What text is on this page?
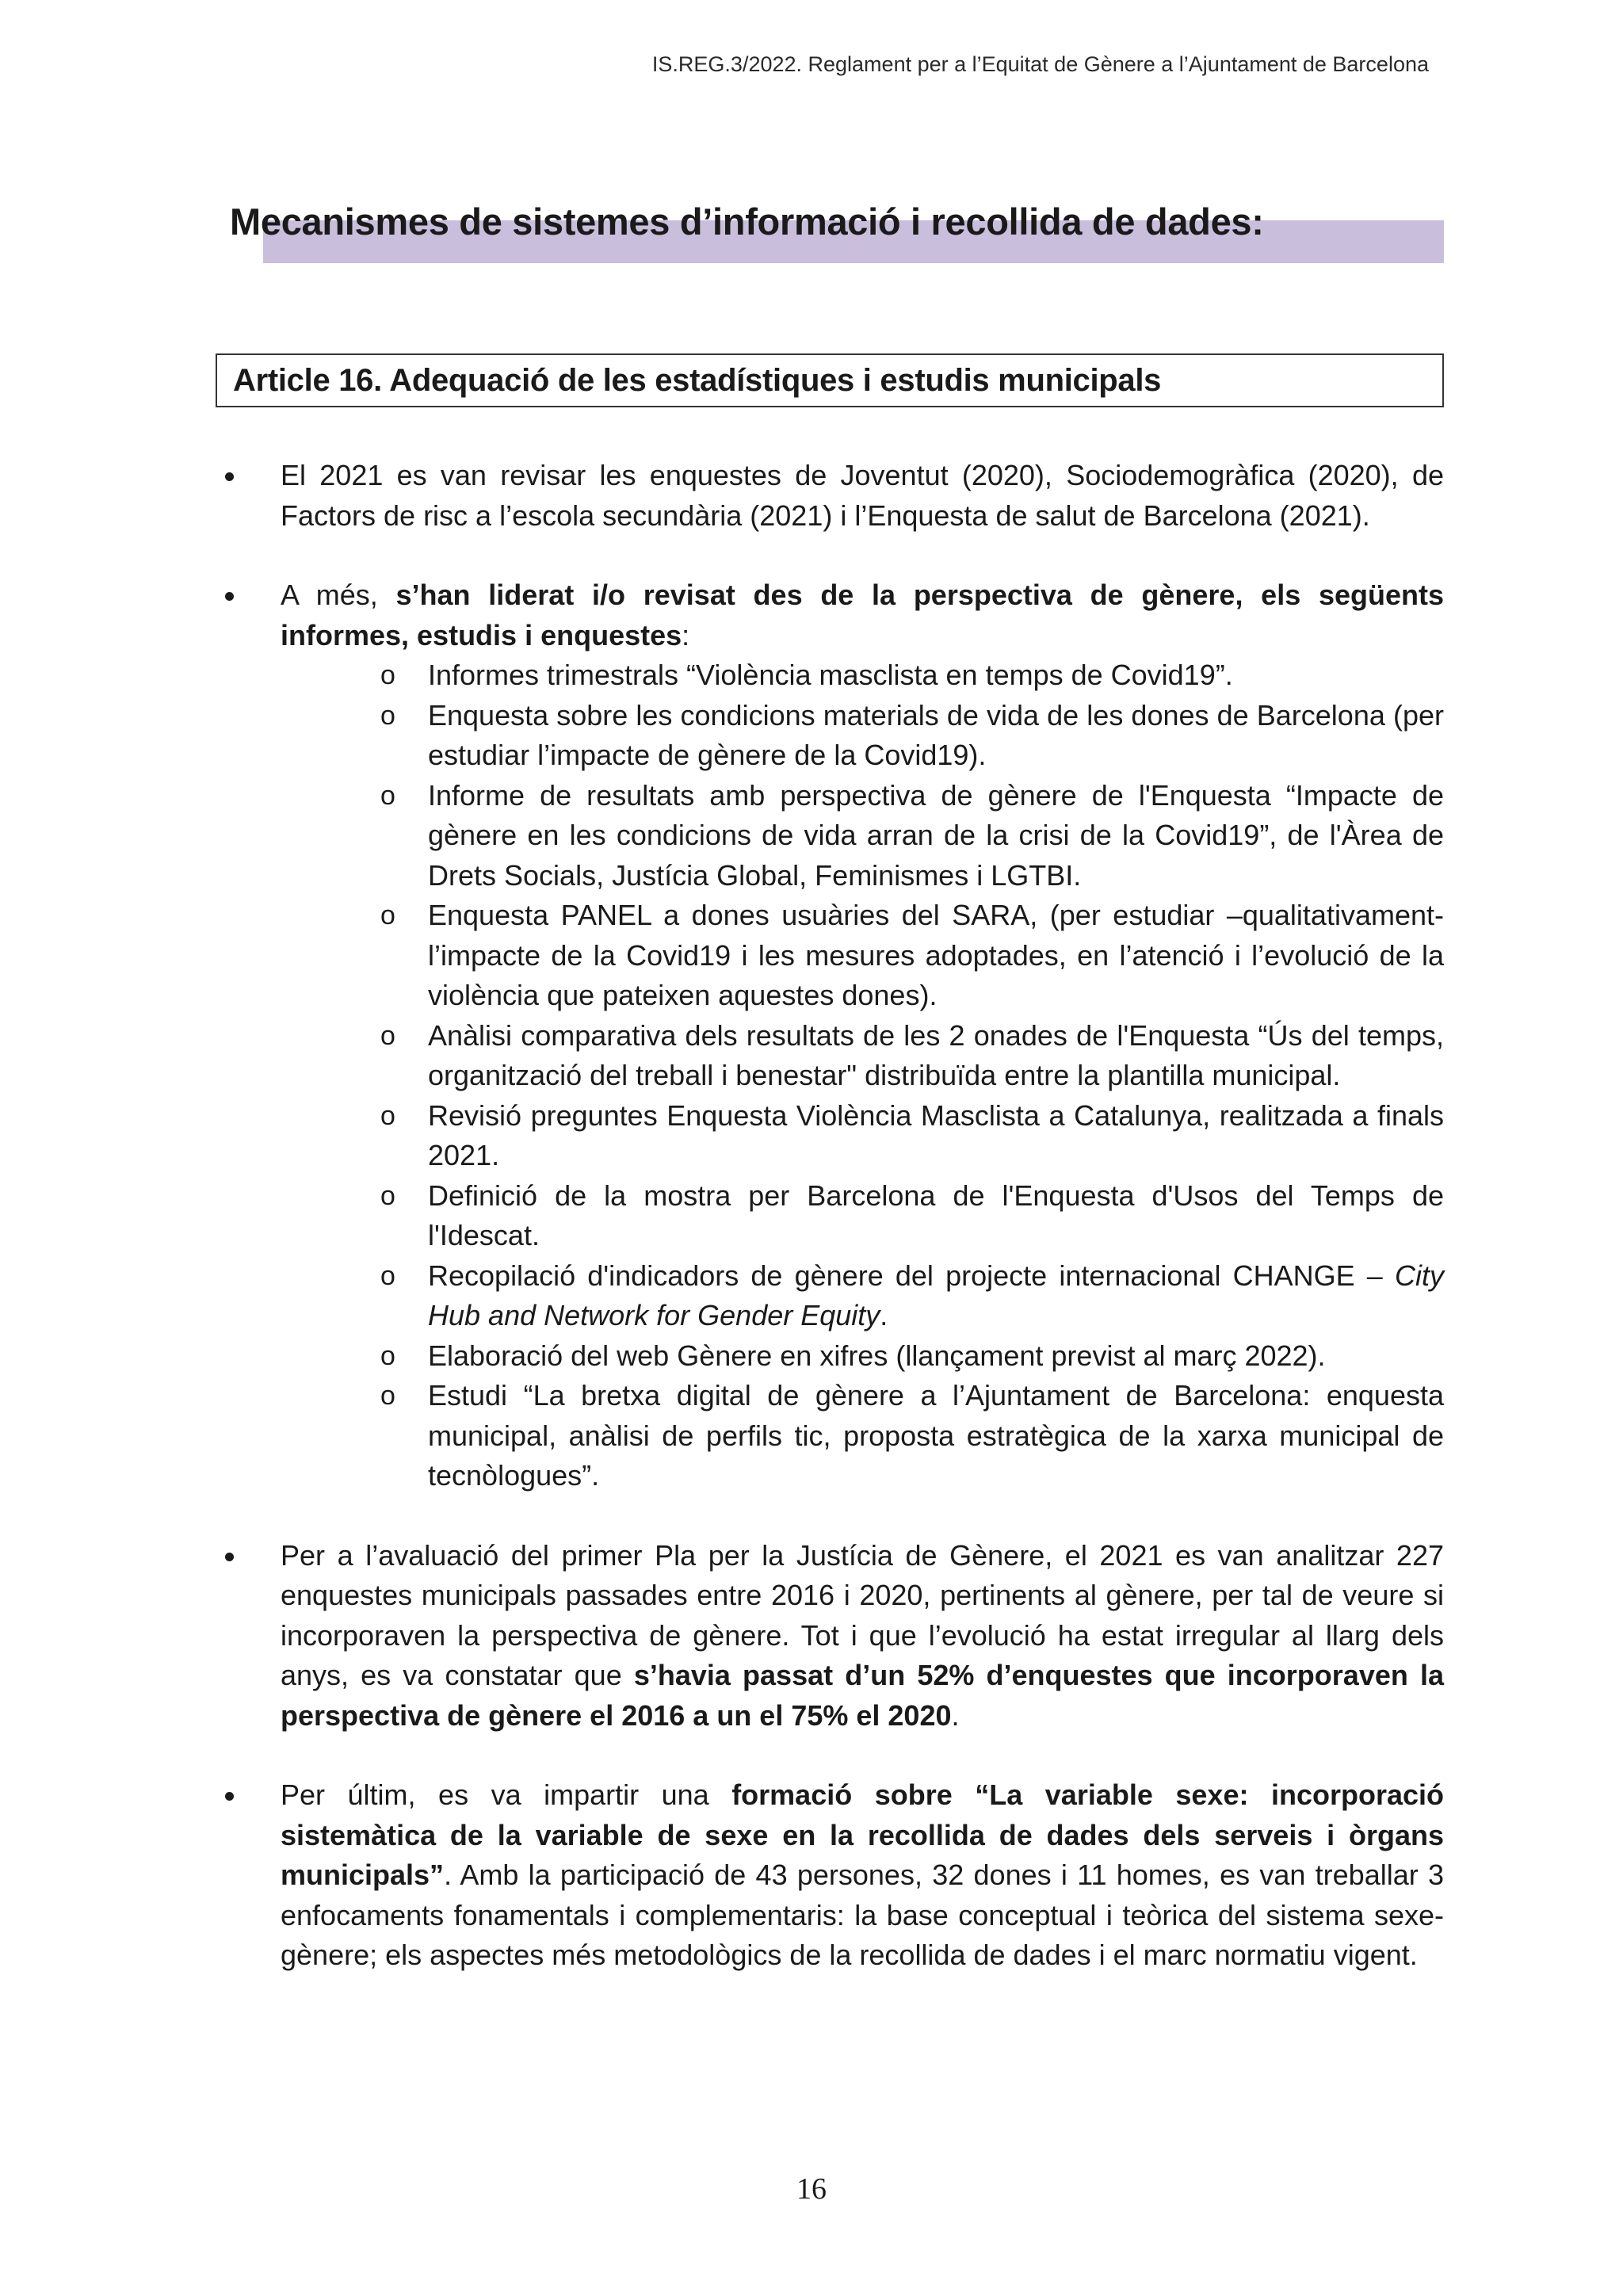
IS.REG.3/2022. Reglament per a l’Equitat de Gènere a l’Ajuntament de Barcelona
Mecanismes de sistemes d’informació i recollida de dades:
Article 16. Adequació de les estadístiques i estudis municipals

El 2021 es van revisar les enquestes de Joventut (2020), Sociodemogràfica (2020), de Factors de risc a l’escola secundària (2021) i l’Enquesta de salut de Barcelona (2021).

A més, s’han liderat i/o revisat des de la perspectiva de gènere, els següents informes, estudis i enquestes:

o Informes trimestrals “Violència masclista en temps de Covid19”.
o Enquesta sobre les condicions materials de vida de les dones de Barcelona (per estudiar l’impacte de gènere de la Covid19).
o Informe de resultats amb perspectiva de gènere de l'Enquesta “Impacte de gènere en les condicions de vida arran de la crisi de la Covid19”, de l'Àrea de Drets Socials, Justícia Global, Feminismes i LGTBI.
o Enquesta PANEL a dones usuàries del SARA, (per estudiar –qualitativament- l’impacte de la Covid19 i les mesures adoptades, en l’atenció i l’evolució de la violència que pateixen aquestes dones).
o Anàlisi comparativa dels resultats de les 2 onades de l'Enquesta “Ús del temps, organització del treball i benestar" distribuïda entre la plantilla municipal.
o Revisió preguntes Enquesta Violència Masclista a Catalunya, realitzada a finals 2021.
o Definició de la mostra per Barcelona de l'Enquesta d'Usos del Temps de l'Idescat.
o Recopilació d'indicadors de gènere del projecte internacional CHANGE – City Hub and Network for Gender Equity.
o Elaboració del web Gènere en xifres (llançament previst al març 2022).
o Estudi “La bretxa digital de gènere a l’Ajuntament de Barcelona: enquesta municipal, anàlisi de perfils tic, proposta estratègica de la xarxa municipal de tecnòlogues”.

Per a l’avaluació del primer Pla per la Justícia de Gènere, el 2021 es van analitzar 227 enquestes municipals passades entre 2016 i 2020, pertinents al gènere, per tal de veure si incorporaven la perspectiva de gènere. Tot i que l’evolució ha estat irregular al llarg dels anys, es va constatar que s’havia passat d’un 52% d’enquestes que incorporaven la perspectiva de gènere el 2016 a un el 75% el 2020.

Per últim, es va impartir una formació sobre “La variable sexe: incorporació sistemàtica de la variable de sexe en la recollida de dades dels serveis i òrgans municipals”. Amb la participació de 43 persones, 32 dones i 11 homes, es van treballar 3 enfocaments fonamentals i complementaris: la base conceptual i teòrica del sistema sexe-gènere; els aspectes més metodològics de la recollida de dades i el marc normatiu vigent.

16
